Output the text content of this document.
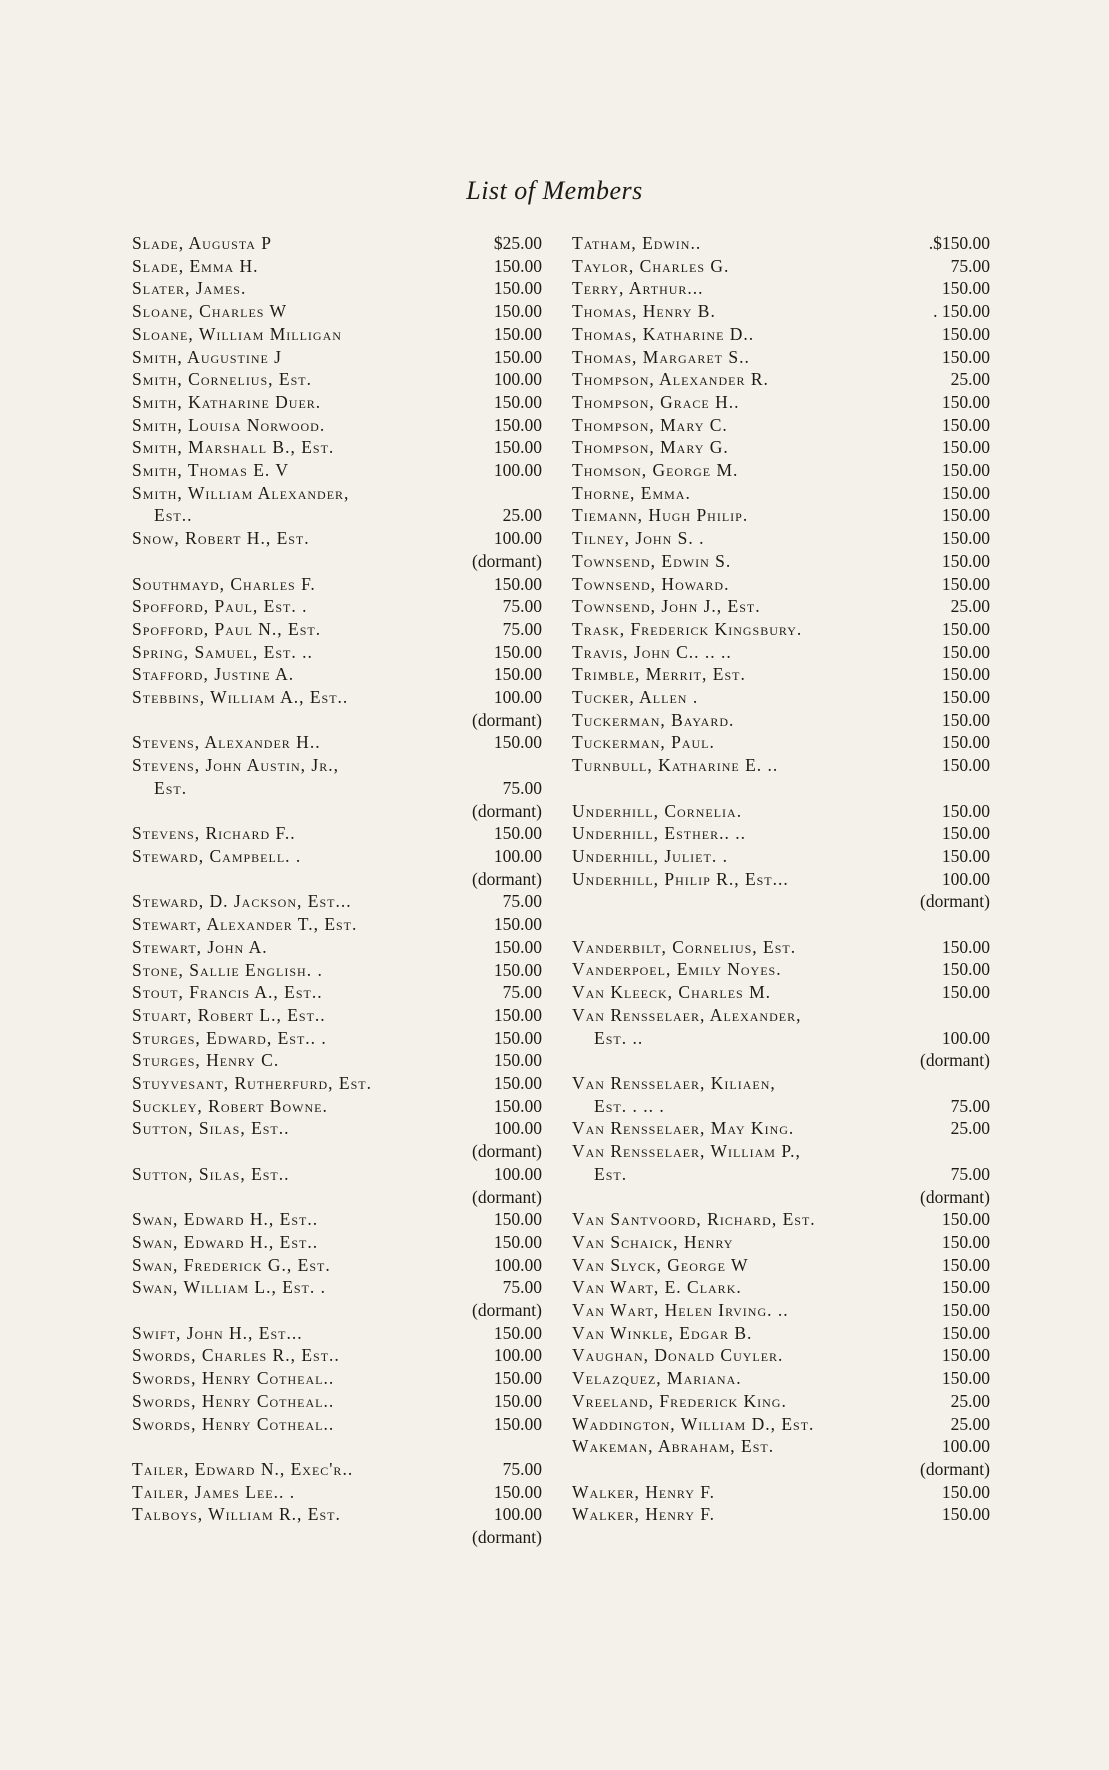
List of Members
Slade, Augusta P	$25.00
Slade, Emma H.	150.00
Slater, James.	150.00
Sloane, Charles W	150.00
Sloane, William Milligan	150.00
Smith, Augustine J	150.00
Smith, Cornelius, Est.	100.00
Smith, Katharine Duer.	150.00
Smith, Louisa Norwood.	150.00
Smith, Marshall B., Est.	150.00
Smith, Thomas E. V	100.00
Smith, William Alexander,
Est..	25.00
Snow, Robert H., Est.	100.00
(dormant)
Southmayd, Charles F.	150.00
Spofford, Paul, Est. .	75.00
Spofford, Paul N., Est.	75.00
Spring, Samuel, Est. ..	150.00
Stafford, Justine A.	150.00
Stebbins, William A., Est..	100.00
(dormant)
Stevens, Alexander H..	150.00
Stevens, John Austin, Jr.,
Est.	75.00
(dormant)
Stevens, Richard F..	150.00
Steward, Campbell. .	100.00
(dormant)
Steward, D. Jackson, Est...	75.00
Stewart, Alexander T., Est.	150.00
Stewart, John A.	150.00
Stone, Sallie English. .	150.00
Stout, Francis A., Est..	75.00
Stuart, Robert L., Est..	150.00
Sturges, Edward, Est.. .	150.00
Sturges, Henry C.	150.00
Stuyvesant, Rutherfurd, Est.	150.00
Suckley, Robert Bowne.	150.00
Sutton, Silas, Est..	100.00
(dormant)
Sutton, Silas, Est..	100.00
(dormant)
Swan, Edward H., Est..	150.00
Swan, Edward H., Est..	150.00
Swan, Frederick G., Est.	100.00
Swan, William L., Est. .	75.00
(dormant)
Swift, John H., Est...	150.00
Swords, Charles R., Est..	100.00
Swords, Henry Cotheal..	150.00
Swords, Henry Cotheal..	150.00
Swords, Henry Cotheal..	150.00
Tailer, Edward N., Exec'r..	75.00
Tailer, James Lee.. .	150.00
Talboys, William R., Est.	100.00
(dormant)
Tatham, Edwin..	.$150.00
Taylor, Charles G.	75.00
Terry, Arthur...	150.00
Thomas, Henry B.	. 150.00
Thomas, Katharine D..	150.00
Thomas, Margaret S..	150.00
Thompson, Alexander R.	25.00
Thompson, Grace H..	150.00
Thompson, Mary C.	150.00
Thompson, Mary G.	150.00
Thomson, George M.	150.00
Thorne, Emma.	150.00
Tiemann, Hugh Philip.	150.00
Tilney, John S. .	150.00
Townsend, Edwin S.	150.00
Townsend, Howard.	150.00
Townsend, John J., Est.	25.00
Trask, Frederick Kingsbury.	150.00
Travis, John C.. .. ..	150.00
Trimble, Merrit, Est.	150.00
Tucker, Allen .	150.00
Tuckerman, Bayard.	150.00
Tuckerman, Paul.	150.00
Turnbull, Katharine E. ..	150.00
Underhill, Cornelia.	150.00
Underhill, Esther.. ..	150.00
Underhill, Juliet. .	150.00
Underhill, Philip R., Est...	100.00
(dormant)
Vanderbilt, Cornelius, Est.	150.00
Vanderpoel, Emily Noyes.	150.00
Van Kleeck, Charles M.	150.00
Van Rensselaer, Alexander,
Est. ..	100.00
(dormant)
Van Rensselaer, Kiliaen,
Est. . .. .	75.00
Van Rensselaer, May King.	25.00
Van Rensselaer, William P.,
Est.	75.00
(dormant)
Van Santvoord, Richard, Est.	150.00
Van Schaick, Henry	150.00
Van Slyck, George W	150.00
Van Wart, E. Clark.	150.00
Van Wart, Helen Irving. ..	150.00
Van Winkle, Edgar B.	150.00
Vaughan, Donald Cuyler.	150.00
Velazquez, Mariana.	150.00
Vreeland, Frederick King.	25.00
Waddington, William D., Est.	25.00
Wakeman, Abraham, Est.	100.00
(dormant)
Walker, Henry F.	150.00
Walker, Henry F.	150.00
